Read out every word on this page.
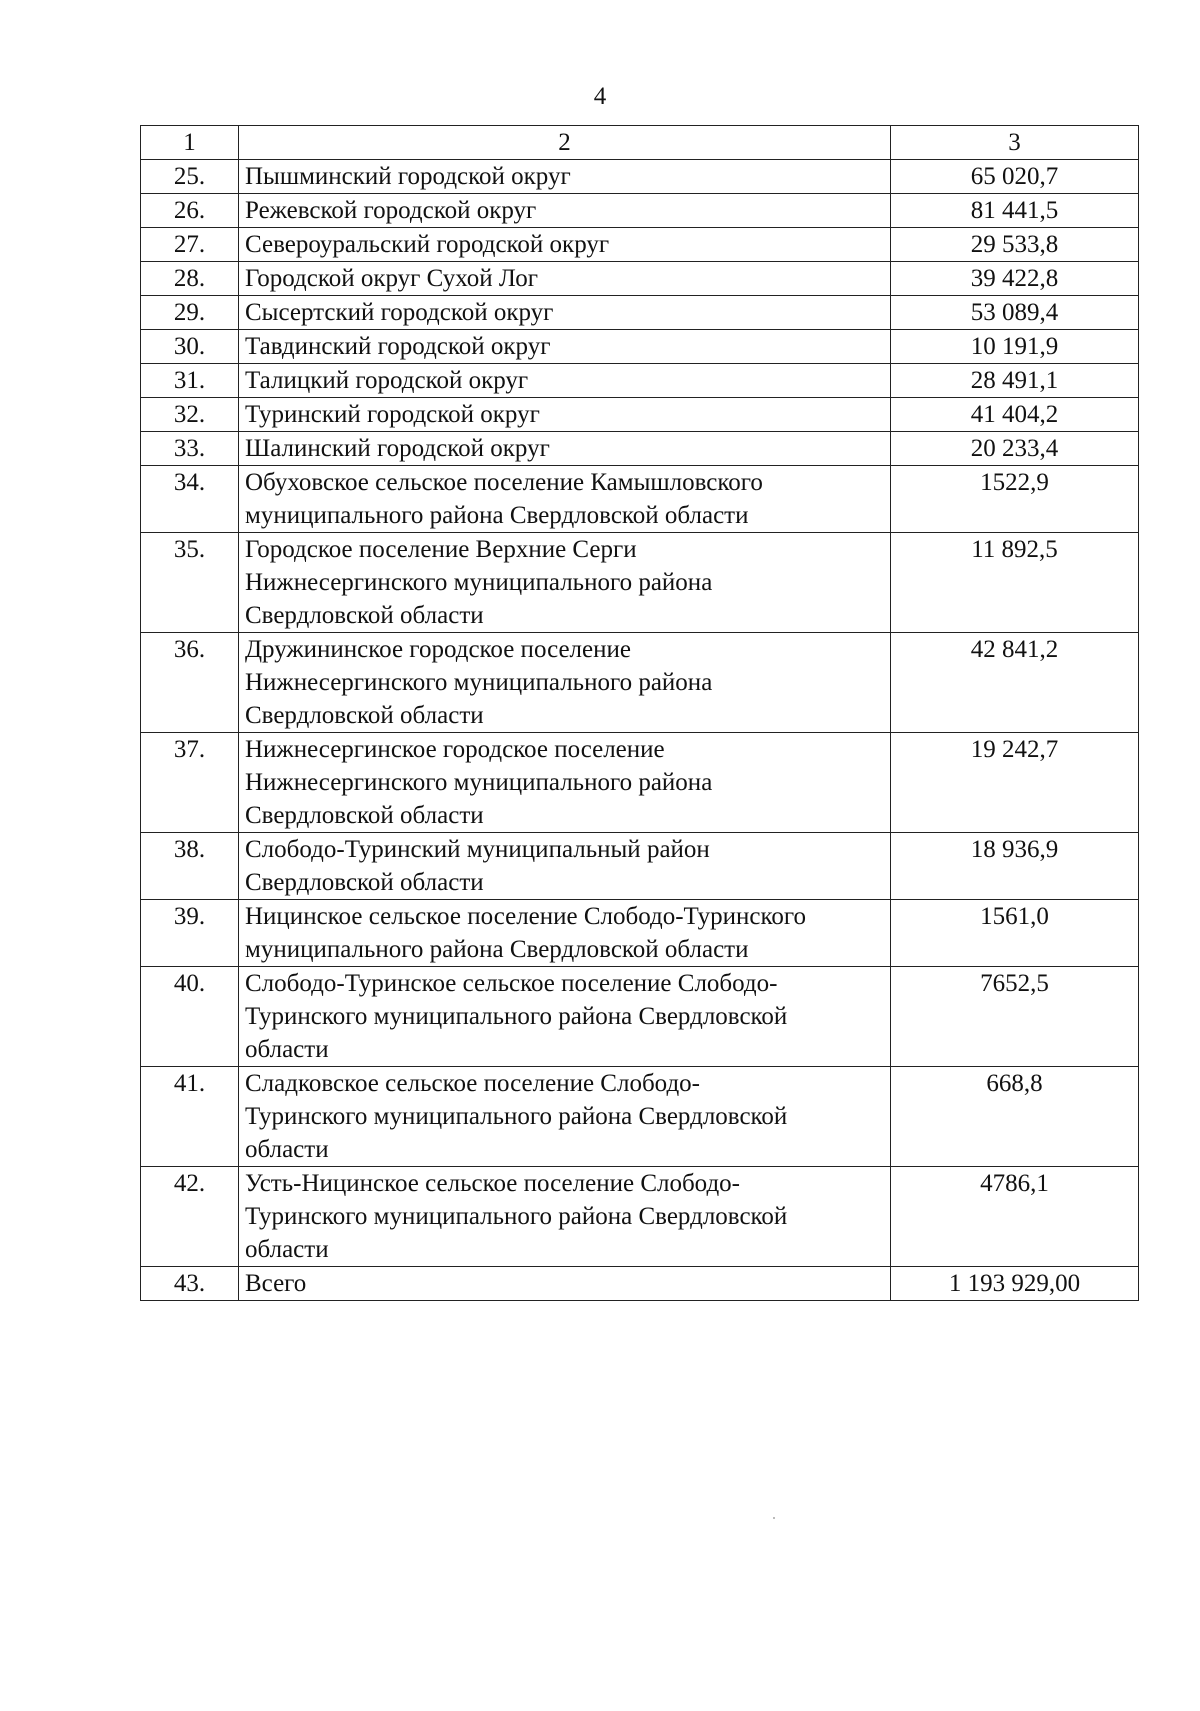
4
1	2	3
25.	Пышминский городской округ	65 020,7
26.	Режевской городской округ	81 441,5
27.	Североуральский городской округ	29 533,8
28.	Городской округ Сухой Лог	39 422,8
29.	Сысертский городской округ	53 089,4
30.	Тавдинский городской округ	10 191,9
31.	Талицкий городской округ	28 491,1
32.	Туринский городской округ	41 404,2
33.	Шалинский городской округ	20 233,4
34.	Обуховское сельское поселение Камышловского
муниципального района Свердловской области	1522,9
35.	Городское поселение Верхние Серги
Нижнесергинского муниципального района
Свердловской области	11 892,5
36.	Дружининское городское поселение
Нижнесергинского муниципального района
Свердловской области	42 841,2
37.	Нижнесергинское городское поселение
Нижнесергинского муниципального района
Свердловской области	19 242,7
38.	Слободо-Туринский муниципальный район
Свердловской области	18 936,9
39.	Ницинское сельское поселение Слободо-Туринского
муниципального района Свердловской области	1561,0
40.	Слободо-Туринское сельское поселение Слободо-
Туринского муниципального района Свердловской
области	7652,5
41.	Сладковское сельское поселение Слободо-
Туринского муниципального района Свердловской
области	668,8
42.	Усть-Ницинское сельское поселение Слободо-
Туринского муниципального района Свердловской
области	4786,1
43.	Всего	1 193 929,00
